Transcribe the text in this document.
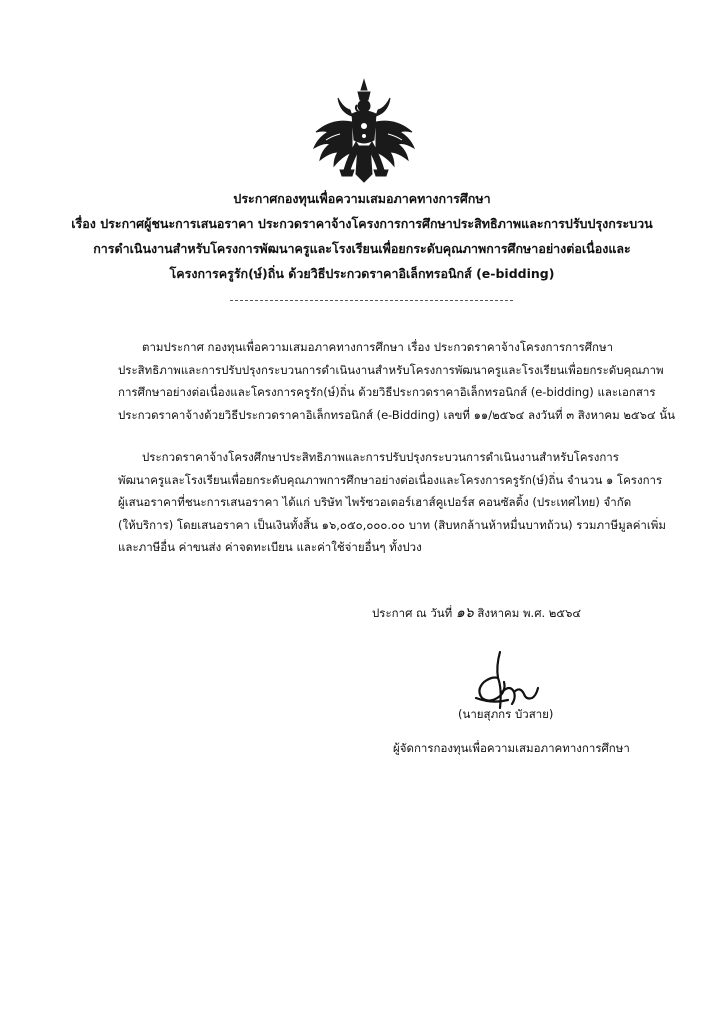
ประกาศกองทุนเพื่อความเสมอภาคทางการศึกษา
เรื่อง ประกาศผู้ชนะการเสนอราคา ประกวดราคาจ้างโครงการการศึกษาประสิทธิภาพและการปรับปรุงกระบวน
การดำเนินงานสำหรับโครงการพัฒนาครูและโรงเรียนเพื่อยกระดับคุณภาพการศึกษาอย่างต่อเนื่องและ
โครงการครูรัก(ษ์)ถิ่น ด้วยวิธีประกวดราคาอิเล็กทรอนิกส์ (e-bidding)
ตามประกาศ กองทุนเพื่อความเสมอภาคทางการศึกษา เรื่อง ประกวดราคาจ้างโครงการการศึกษา
ประสิทธิภาพและการปรับปรุงกระบวนการดำเนินงานสำหรับโครงการพัฒนาครูและโรงเรียนเพื่อยกระดับคุณภาพ
การศึกษาอย่างต่อเนื่องและโครงการครูรัก(ษ์)ถิ่น ด้วยวิธีประกวดราคาอิเล็กทรอนิกส์ (e-bidding) และเอกสาร
ประกวดราคาจ้างด้วยวิธีประกวดราคาอิเล็กทรอนิกส์ (e-Bidding) เลขที่ ๑๑/๒๕๖๔ ลงวันที่ ๓ สิงหาคม ๒๕๖๔ นั้น
ประกวดราคาจ้างโครงศึกษาประสิทธิภาพและการปรับปรุงกระบวนการดำเนินงานสำหรับโครงการ
พัฒนาครูและโรงเรียนเพื่อยกระดับคุณภาพการศึกษาอย่างต่อเนื่องและโครงการครูรัก(ษ์)ถิ่น จำนวน ๑ โครงการ
ผู้เสนอราคาที่ชนะการเสนอราคา ได้แก่ บริษัท ไพร้ซวอเตอร์เฮาส์คูเปอร์ส คอนซัลติ้ง (ประเทศไทย) จำกัด
(ให้บริการ) โดยเสนอราคา เป็นเงินทั้งสิ้น ๑๖,๐๕๐,๐๐๐.๐๐ บาท (สิบหกล้านห้าหมื่นบาทถ้วน) รวมภาษีมูลค่าเพิ่ม
และภาษีอื่น ค่าขนส่ง ค่าจดทะเบียน และค่าใช้จ่ายอื่นๆ ทั้งปวง
ประกาศ ณ วันที่ ๑๖ สิงหาคม พ.ศ. ๒๕๖๔
(นายสุภกร บัวสาย)
ผู้จัดการกองทุนเพื่อความเสมอภาคทางการศึกษา
